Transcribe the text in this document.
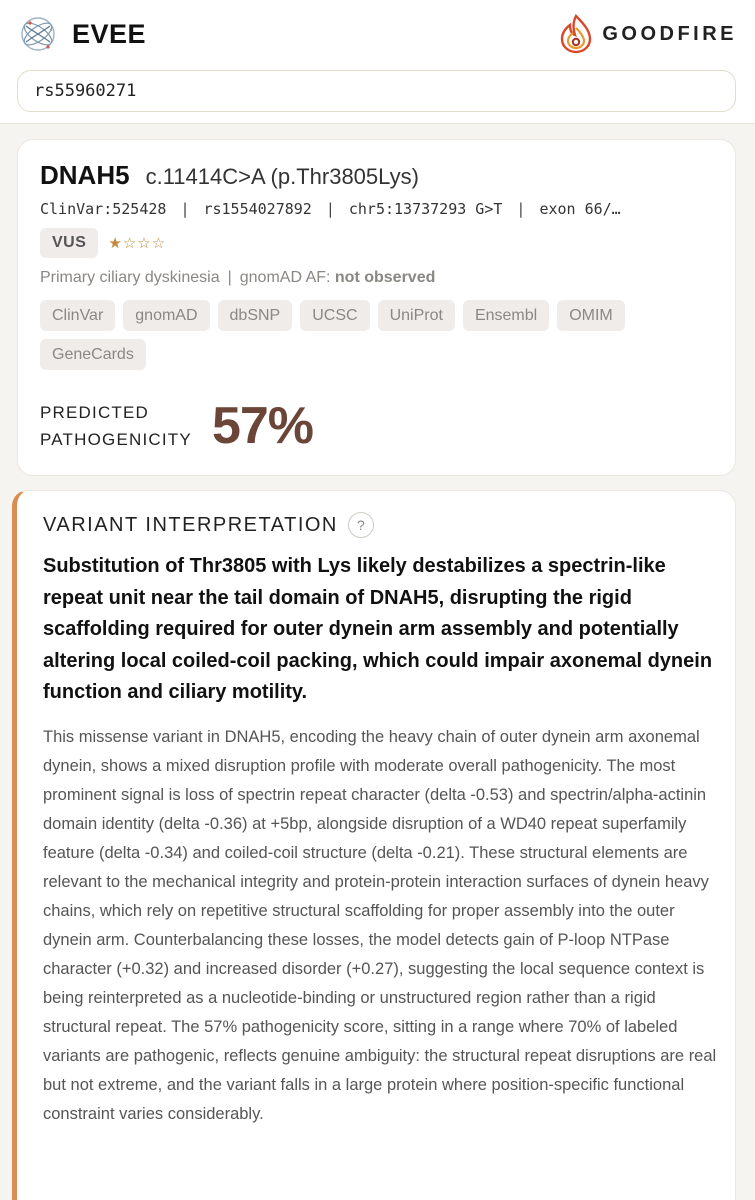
EVEE	GOODFIRE
rs55960271
DNAH5 c.11414C>A (p.Thr3805Lys)
ClinVar:525428 | rs1554027892 | chr5:13737293 G>T | exon 66/…
VUS	★☆☆☆
Primary ciliary dyskinesia | gnomAD AF: not observed
ClinVar	gnomAD	dbSNP	UCSC	UniProt	Ensembl	OMIM
GeneCards
PREDICTED
PATHOGENICITY 57%
VARIANT INTERPRETATION	?
Substitution of Thr3805 with Lys likely destabilizes a spectrin-like repeat unit near the tail domain of DNAH5, disrupting the rigid scaffolding required for outer dynein arm assembly and potentially altering local coiled-coil packing, which could impair axonemal dynein function and ciliary motility.
This missense variant in DNAH5, encoding the heavy chain of outer dynein arm axonemal dynein, shows a mixed disruption profile with moderate overall pathogenicity. The most prominent signal is loss of spectrin repeat character (delta -0.53) and spectrin/alpha-actinin domain identity (delta -0.36) at +5bp, alongside disruption of a WD40 repeat superfamily feature (delta -0.34) and coiled-coil structure (delta -0.21). These structural elements are relevant to the mechanical integrity and protein-protein interaction surfaces of dynein heavy chains, which rely on repetitive structural scaffolding for proper assembly into the outer dynein arm. Counterbalancing these losses, the model detects gain of P-loop NTPase character (+0.32) and increased disorder (+0.27), suggesting the local sequence context is being reinterpreted as a nucleotide-binding or unstructured region rather than a rigid structural repeat. The 57% pathogenicity score, sitting in a range where 70% of labeled variants are pathogenic, reflects genuine ambiguity: the structural repeat disruptions are real but not extreme, and the variant falls in a large protein where position-specific functional constraint varies considerably.
